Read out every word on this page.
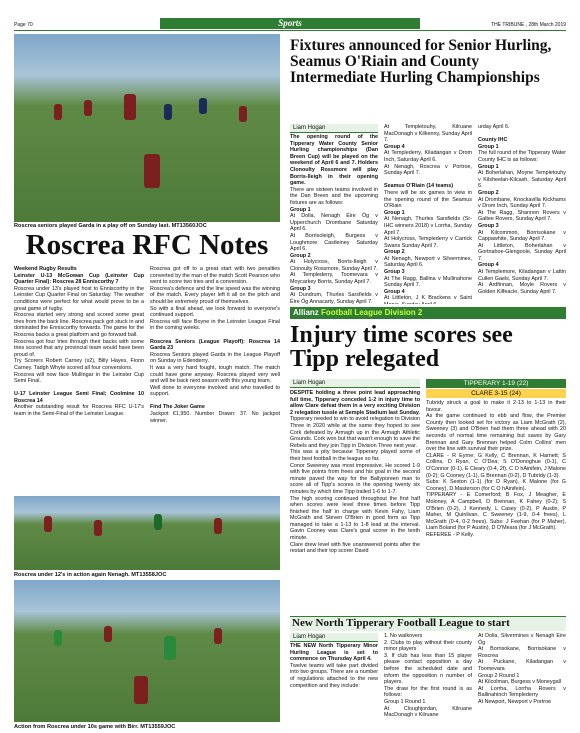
Page 70	Sports	THE TRIBUNE , 28th March 2019
Roscrea seniors played Garda in a play off on Sunday last. MT13560JOC
Roscrea RFC Notes
Weekend Rugby Results
Leinster U-13 McGowan Cup (Leinster Cup Quarter Final): Roscrea 28 Enniscorthy 7
Roscrea under 13's played host to Enniscorthy in the Leinster Cup Quarter Final on Saturday. The weather conditions were perfect for what would prove to be a great game of rugby.
Roscrea started very strong and scored some great tries from the back line. Roscrea pack got stuck in and dominated the Enniscorthy forwards. The game for the Roscrea backs a great platform and go forward ball.
Roscrea got four tries through their backs with some tries scored that any provincial team would have been proud of.
Try Scorers Robert Carney (x2), Billy Hayes, Fionn Carney. Tadgh Whyte scored all four conversions.
Roscrea will now face Mullingar in the Leinster Cup Semi Final.

U-17 Leinster League Semi Final; Coolmine 10 Roscrea 14
Another outstanding result for Roscrea RFC U-17's team in the Semi-Final of the Leinster League.
Roscrea got off to a great start with two penalties converted by the man of the match Scott Pearson who went to score two tries and a conversion.
Roscrea's defence and the line speed was the winning of the match. Every player left it all on the pitch and should be extremely proud of themselves.
So with a final ahead, we look forward to everyone's continued support.
Roscrea will face Boyne in the Leinster League Final in the coming weeks.

Roscrea Seniors (League Playoff): Roscrea 14 Garda 23
Roscrea Seniors played Garda in the League Playoff on Sunday in Edenderry.
It was a very hard fought, tough match. The match could have gone anyway. Roscrea played very well and will be back next season with this young team.
Well done to everyone involved and who travelled to support.

Find The Joker Game
Jackpot €1,950. Number Drawn: 37. No jackpot winner.
Roscrea under 12's in action again Nenagh. MT13558JOC
Action from Roscrea under 10s game with Birr. MT13559JOC
Fixtures announced for Senior Hurling, Seamus O'Riain and County Intermediate Hurling Championships
Liam Hogan
The opening round of the Tipperary Water County Senior Hurling championships (Dan Breen Cup) will be played on the weekend of April 6 and 7. Holders Clonoulty Rossmore will play Borris-Ileigh in their opening game.
There are sixteen teams involved in the Dan Breen and the upcoming fixtures are as follows:
Group 1
At Dolla, Nenagh Éire Óg v Upperchurch Drombane Saturday April 6.
At Borrisoleigh, Burgess v Loughmore Castleiney Saturday April 6.
Group 2
At Holycross, Borris-Ileigh v Clonoulty Rossmore, Sunday April 7.
At Templederry, Toomevara v Moycarkey Borris, Sunday April 7.
Group 3
At Dundrum, Thurles Sarsfields v Éire Óg Annacarty, Sunday April 7.
At Templetouhy, Kilruane MacDonagh v Kilkenny, Sunday April 7.
Group 4
At Templederry, Kiladangan v Drom Inch, Saturday April 6.
At Nenagh, Roscrea v Portroe, Sunday April 7.

Seamus O'Riain (14 teams)
There will be six games to view in the opening round of the Seamus O'Riain
Group 1
At Nenagh, Thurles Sarsfields (Sr-IHC winners 2018) v Lorrha, Sunday April 7.
At Holycross, Templederry v Carrick Swans Sunday April 7.
Group 2
At Nenagh, Newport v Silvermines, Saturday April 6.
Group 3
At The Ragg, Ballina v Mullinahone Sunday April 7.
Group 4
At Littleton, J K Brackens v Saint

urday April 6.

County IHC
Group 1
The full round of the Tipperary Water County IHC is as follows:
Group 1
At Boherlahan, Moyne Templetouhy v Kilsheelan-Kilcash, Saturday April 6.
Group 2
At Drombane, Knockavilla Kickhams v Drom Inch, Sunday April 7.
At The Ragg, Shannon Rovers v Galtee Rovers, Sunday April 7.
Group 3
At Kilcommon, Borrisokane v Cappawhite, Sunday April 7.
At Littleton, Boherlahan v Gortnahoe-Glengoole, Sunday April 7.
Group 4
At Templemore, Kiladangan v Lattin Cullen Gaels, Sunday April 7.
At Ardfinnan, Moyle Rovers v Golden Kilfeacle, Sunday April 7.
Allianz Football League Division 2
Injury time scores see Tipp relegated
Liam Hogan	TIPPERARY 1-19 (22)
CLARE 3-15 (24)
DESPITE holding a three point lead approaching full time, Tipperary conceded 1-2 in injury time to allow Clare defeat them in a very exciting Division 2 relegation tussle at Semple Stadium last Sunday.
Tipperary needed to win to avoid relegation to Division Three in 2020 while at the same they hoped to see Cork defeated by Armagh up in the Armagh Athletic Grounds. Cork won but that wasn't enough to save the Rebels and they join Tipp in Division Three next year.
This was a pity because Tipperary played some of their best football in the league so far.
Conor Sweeney was most impressive. He scored 1-9 with five points from frees and his goal in the second minute paved the way for the Ballyporeen man to score all of Tipp's scores in the opening twenty six minutes by which time Tipp trailed 1-6 to 1-7.
The high scoring continued throughout the first half when scores were level three times before Tipp finished the half in charge with Kevin Fahy, Liam McGrath and Steven O'Brien in good form as Tipp managed to take a 1-13 to 1-8 lead at the interval. Gavin Cooney was Clare's goal scorer in the tenth minute.
Clare drew level with five unanswered points after the restart and their top scorer David
Tubridy struck a goal to make it 2-13 to 1-13 in their favour.
As the game continued to ebb and flow, the Premier County then looked set for victory as Liam McGrath (2), Sweeney (3) and O'Brien had them three ahead with 20 seconds of normal time remaining but saves by Gary Brennan and Gary Brennan helped Colm Collins' men over the line with survival their prize.
CLARE - R Eyrne; G Kelly, C Brennan, K Harnett; S Collins, D Ryan, C O'Dea; S O'Donoghue (0-1), C O'Connor (0-1), E Cleary (0-4, 2f), C O hAinifein, J Malone (0-2); G Cooney (1-1), G Brennan (0-2), D Tubridy (1-3).
Subs: K Sexton (1-1) (for D Ryan), K Malone (for G Cooney), D Masterson (for C O hAinifein).
TIPPERARY - E Comerford; B Fox, J Meagher, E Moloney, A Campbell, D Brennan, K Fahey (0-2); S O'Brien (0-2), J Kennedy, L Casey (0-2), P Austin, P Maher, M Quinlivan, C Sweeney (1-9, 0-4 frees), L McGrath (0-4, 0-2 frees). Subs: J Feehan (for P Maher), Liam Boland (for P Austin), D O'Meara (for J McGrath).
REFEREE - P Kelly.
New North Tipperary Football League to start
Liam Hogan
THE NEW North Tipperary Minor Hurling League is set to commence on Thursday April 4.
Twelve teams will take part divided into two groups. There are a number of regulations attached to the new competition and they include:
1. No walkovers
2. Clubs to play without their county minor players
3. If club has less than 15 player please contact opposition a day before the scheduled date and inform the opposition n number of players.
The draw for the first round is as follows:
Group 1 Round 1
At Cloughjordan, Kilruane MacDonagh v Kilruane
At Dolla, Silvermines v Nenagh Éire Óg
At Borrisokane, Borrisokane v Roscrea
At Puckane, Kiladangan v Toomevara
Group 2 Round 1
At Kilcolman, Burgess v Moneygall
At Lorrha, Lorrha Rovers v Ballinahinch Templederry
At Newport, Newport v Portroe
